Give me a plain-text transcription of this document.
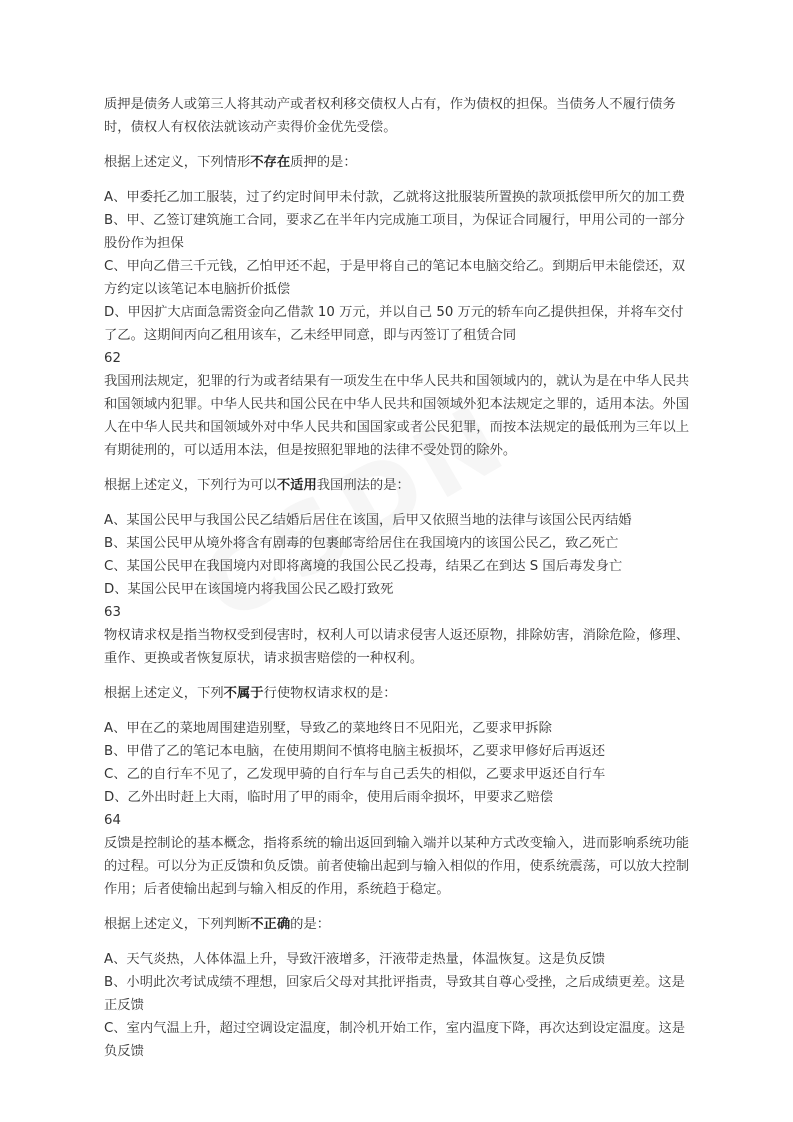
质押是债务人或第三人将其动产或者权利移交债权人占有，作为债权的担保。当债务人不履行债务时，债权人有权依法就该动产卖得价金优先受偿。

根据上述定义，下列情形不存在质押的是：

A、甲委托乙加工服装，过了约定时间甲未付款，乙就将这批服装所置换的款项抵偿甲所欠的加工费

B、甲、乙签订建筑施工合同，要求乙在半年内完成施工项目，为保证合同履行，甲用公司的一部分股份作为担保

C、甲向乙借三千元钱，乙怕甲还不起，于是甲将自己的笔记本电脑交给乙。到期后甲未能偿还，双方约定以该笔记本电脑折价抵偿

D、甲因扩大店面急需资金向乙借款 10 万元，并以自己 50 万元的轿车向乙提供担保，并将车交付了乙。这期间丙向乙租用该车，乙未经甲同意，即与丙签订了租赁合同

62

我国刑法规定，犯罪的行为或者结果有一项发生在中华人民共和国领域内的，就认为是在中华人民共和国领域内犯罪。中华人民共和国公民在中华人民共和国领域外犯本法规定之罪的，适用本法。外国人在中华人民共和国领域外对中华人民共和国国家或者公民犯罪，而按本法规定的最低刑为三年以上有期徒刑的，可以适用本法，但是按照犯罪地的法律不受处罚的除外。

根据上述定义，下列行为可以不适用我国刑法的是：

A、某国公民甲与我国公民乙结婚后居住在该国，后甲又依照当地的法律与该国公民丙结婚

B、某国公民甲从境外将含有剧毒的包裹邮寄给居住在我国境内的该国公民乙，致乙死亡

C、某国公民甲在我国境内对即将离境的我国公民乙投毒，结果乙在到达 S 国后毒发身亡

D、某国公民甲在该国境内将我国公民乙殴打致死

63

物权请求权是指当物权受到侵害时，权利人可以请求侵害人返还原物，排除妨害，消除危险，修理、重作、更换或者恢复原状，请求损害赔偿的一种权利。

根据上述定义，下列不属于行使物权请求权的是：

A、甲在乙的菜地周围建造别墅，导致乙的菜地终日不见阳光，乙要求甲拆除

B、甲借了乙的笔记本电脑，在使用期间不慎将电脑主板损坏，乙要求甲修好后再返还

C、乙的自行车不见了，乙发现甲骑的自行车与自己丢失的相似，乙要求甲返还自行车

D、乙外出时赶上大雨，临时用了甲的雨伞，使用后雨伞损坏，甲要求乙赔偿

64

反馈是控制论的基本概念，指将系统的输出返回到输入端并以某种方式改变输入，进而影响系统功能的过程。可以分为正反馈和负反馈。前者使输出起到与输入相似的作用，使系统震荡，可以放大控制作用；后者使输出起到与输入相反的作用，系统趋于稳定。

根据上述定义，下列判断不正确的是：

A、天气炎热，人体体温上升，导致汗液增多，汗液带走热量，体温恢复。这是负反馈

B、小明此次考试成绩不理想，回家后父母对其批评指责，导致其自尊心受挫，之后成绩更差。这是正反馈

C、室内气温上升，超过空调设定温度，制冷机开始工作，室内温度下降，再次达到设定温度。这是负反馈
